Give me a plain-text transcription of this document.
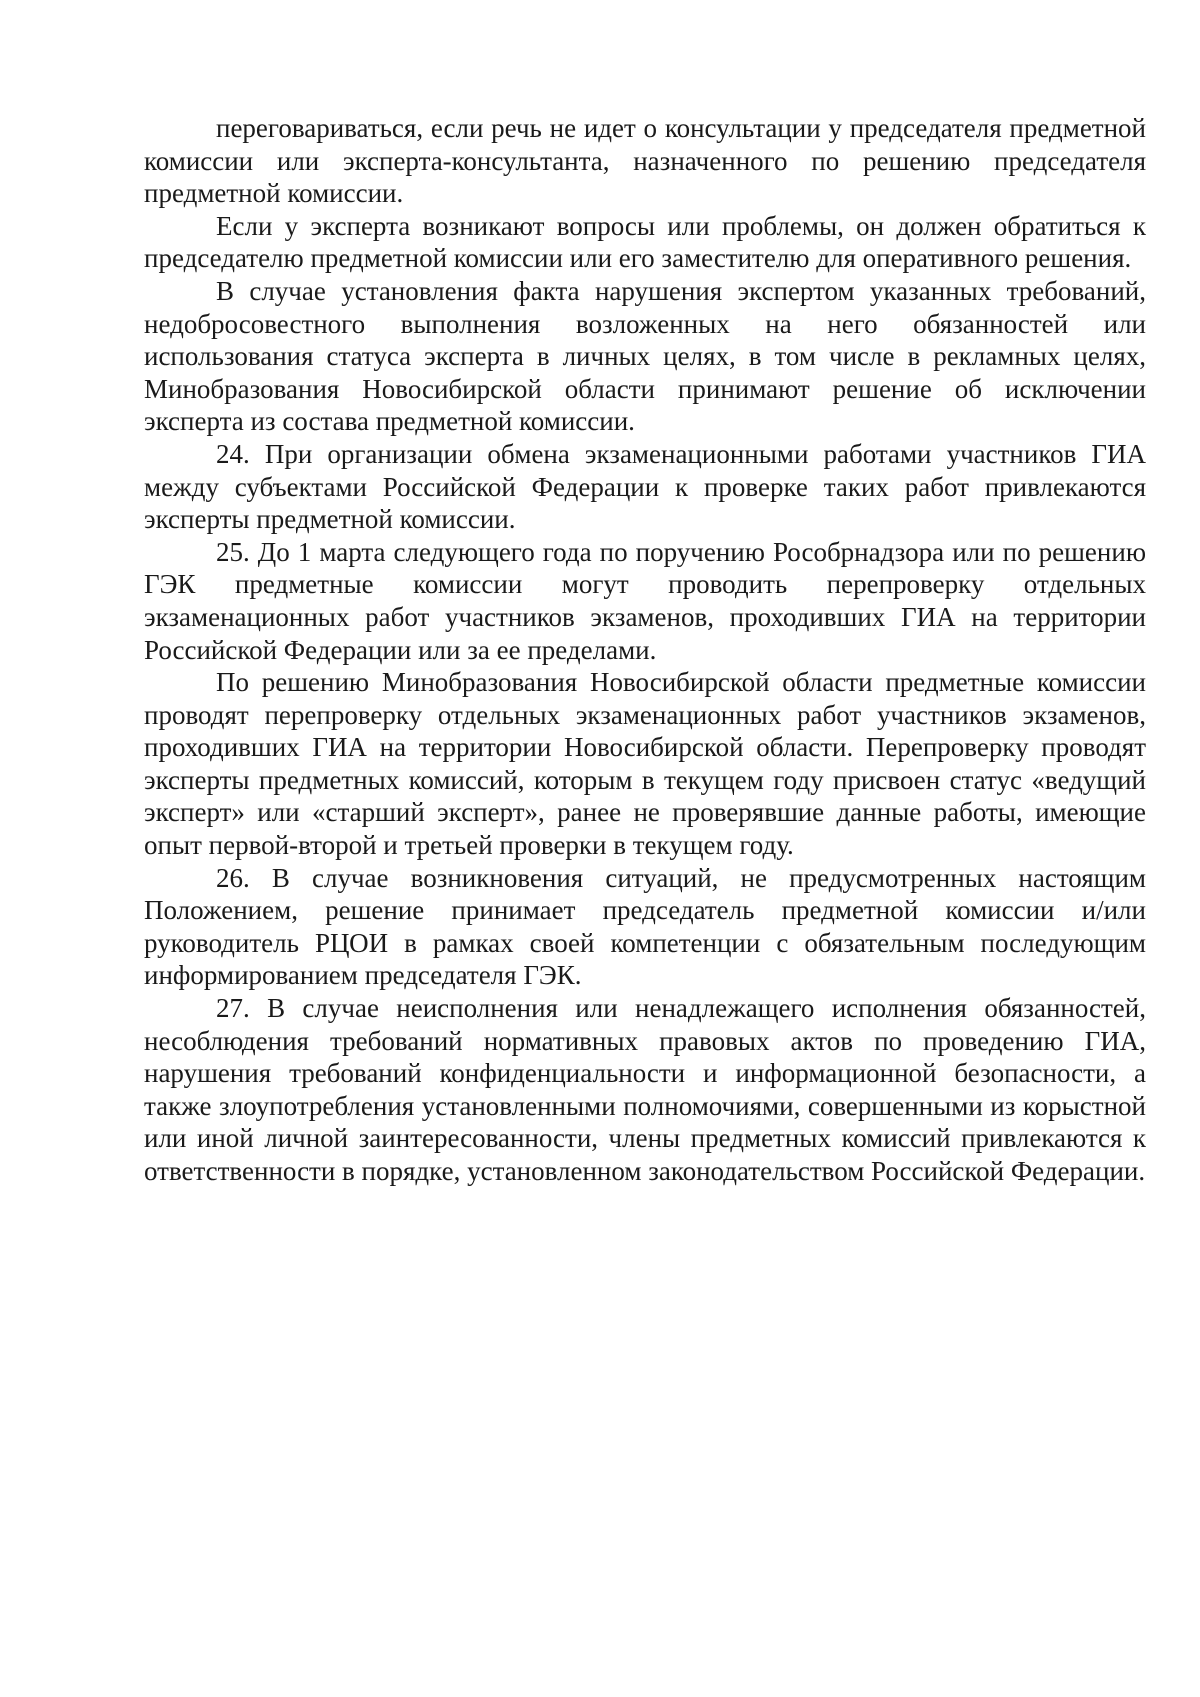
переговариваться, если речь не идет о консультации у председателя предметной комиссии или эксперта-консультанта, назначенного по решению председателя предметной комиссии.

Если у эксперта возникают вопросы или проблемы, он должен обратиться к председателю предметной комиссии или его заместителю для оперативного решения.

В случае установления факта нарушения экспертом указанных требований, недобросовестного выполнения возложенных на него обязанностей или использования статуса эксперта в личных целях, в том числе в рекламных целях, Минобразования Новосибирской области принимают решение об исключении эксперта из состава предметной комиссии.

24. При организации обмена экзаменационными работами участников ГИА между субъектами Российской Федерации к проверке таких работ привлекаются эксперты предметной комиссии.

25. До 1 марта следующего года по поручению Рособрнадзора или по решению ГЭК предметные комиссии могут проводить перепроверку отдельных экзаменационных работ участников экзаменов, проходивших ГИА на территории Российской Федерации или за ее пределами.

По решению Минобразования Новосибирской области предметные комиссии проводят перепроверку отдельных экзаменационных работ участников экзаменов, проходивших ГИА на территории Новосибирской области. Перепроверку проводят эксперты предметных комиссий, которым в текущем году присвоен статус «ведущий эксперт» или «старший эксперт», ранее не проверявшие данные работы, имеющие опыт первой-второй и третьей проверки в текущем году.

26. В случае возникновения ситуаций, не предусмотренных настоящим Положением, решение принимает председатель предметной комиссии и/или руководитель РЦОИ в рамках своей компетенции с обязательным последующим информированием председателя ГЭК.

27. В случае неисполнения или ненадлежащего исполнения обязанностей, несоблюдения требований нормативных правовых актов по проведению ГИА, нарушения требований конфиденциальности и информационной безопасности, а также злоупотребления установленными полномочиями, совершенными из корыстной или иной личной заинтересованности, члены предметных комиссий привлекаются к ответственности в порядке, установленном законодательством Российской Федерации.
